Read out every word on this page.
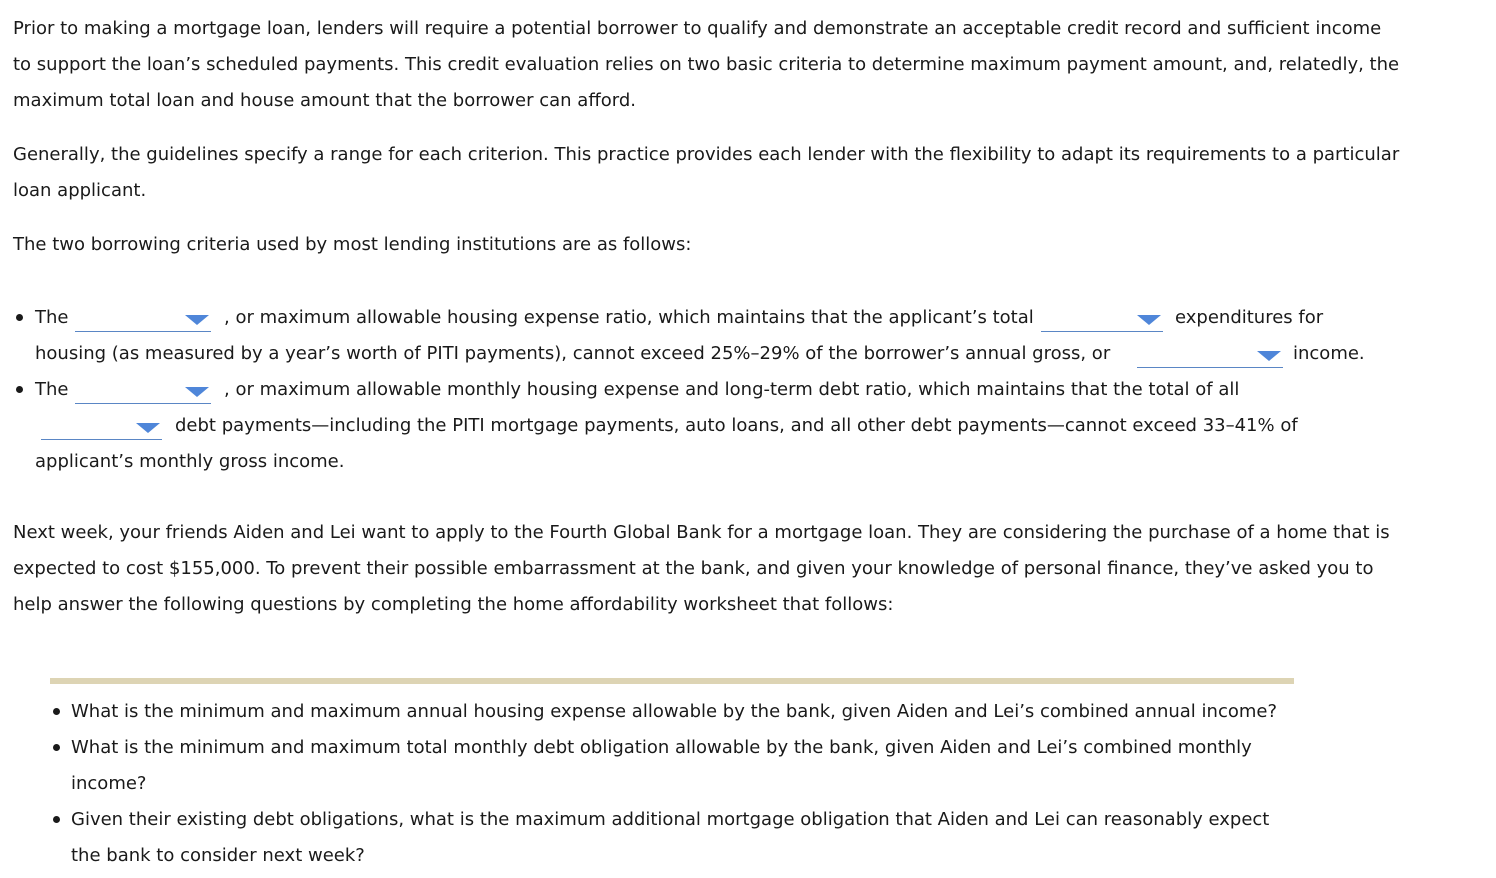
Prior to making a mortgage loan, lenders will require a potential borrower to qualify and demonstrate an acceptable credit record and sufficient income to support the loan’s scheduled payments. This credit evaluation relies on two basic criteria to determine maximum payment amount, and, relatedly, the maximum total loan and house amount that the borrower can afford.

Generally, the guidelines specify a range for each criterion. This practice provides each lender with the flexibility to adapt its requirements to a particular loan applicant.

The two borrowing criteria used by most lending institutions are as follows:

The	, or maximum allowable housing expense ratio, which maintains that the applicant’s total	expenditures for
housing (as measured by a year’s worth of PITI payments), cannot exceed 25%–29% of the borrower’s annual gross, or	income.
The	, or maximum allowable monthly housing expense and long-term debt ratio, which maintains that the total of all
debt payments—including the PITI mortgage payments, auto loans, and all other debt payments—cannot exceed 33–41% of
applicant’s monthly gross income.

Next week, your friends Aiden and Lei want to apply to the Fourth Global Bank for a mortgage loan. They are considering the purchase of a home that is expected to cost $155,000. To prevent their possible embarrassment at the bank, and given your knowledge of personal finance, they’ve asked you to help answer the following questions by completing the home affordability worksheet that follows:

What is the minimum and maximum annual housing expense allowable by the bank, given Aiden and Lei’s combined annual income?
What is the minimum and maximum total monthly debt obligation allowable by the bank, given Aiden and Lei’s combined monthly
income?
Given their existing debt obligations, what is the maximum additional mortgage obligation that Aiden and Lei can reasonably expect
the bank to consider next week?
